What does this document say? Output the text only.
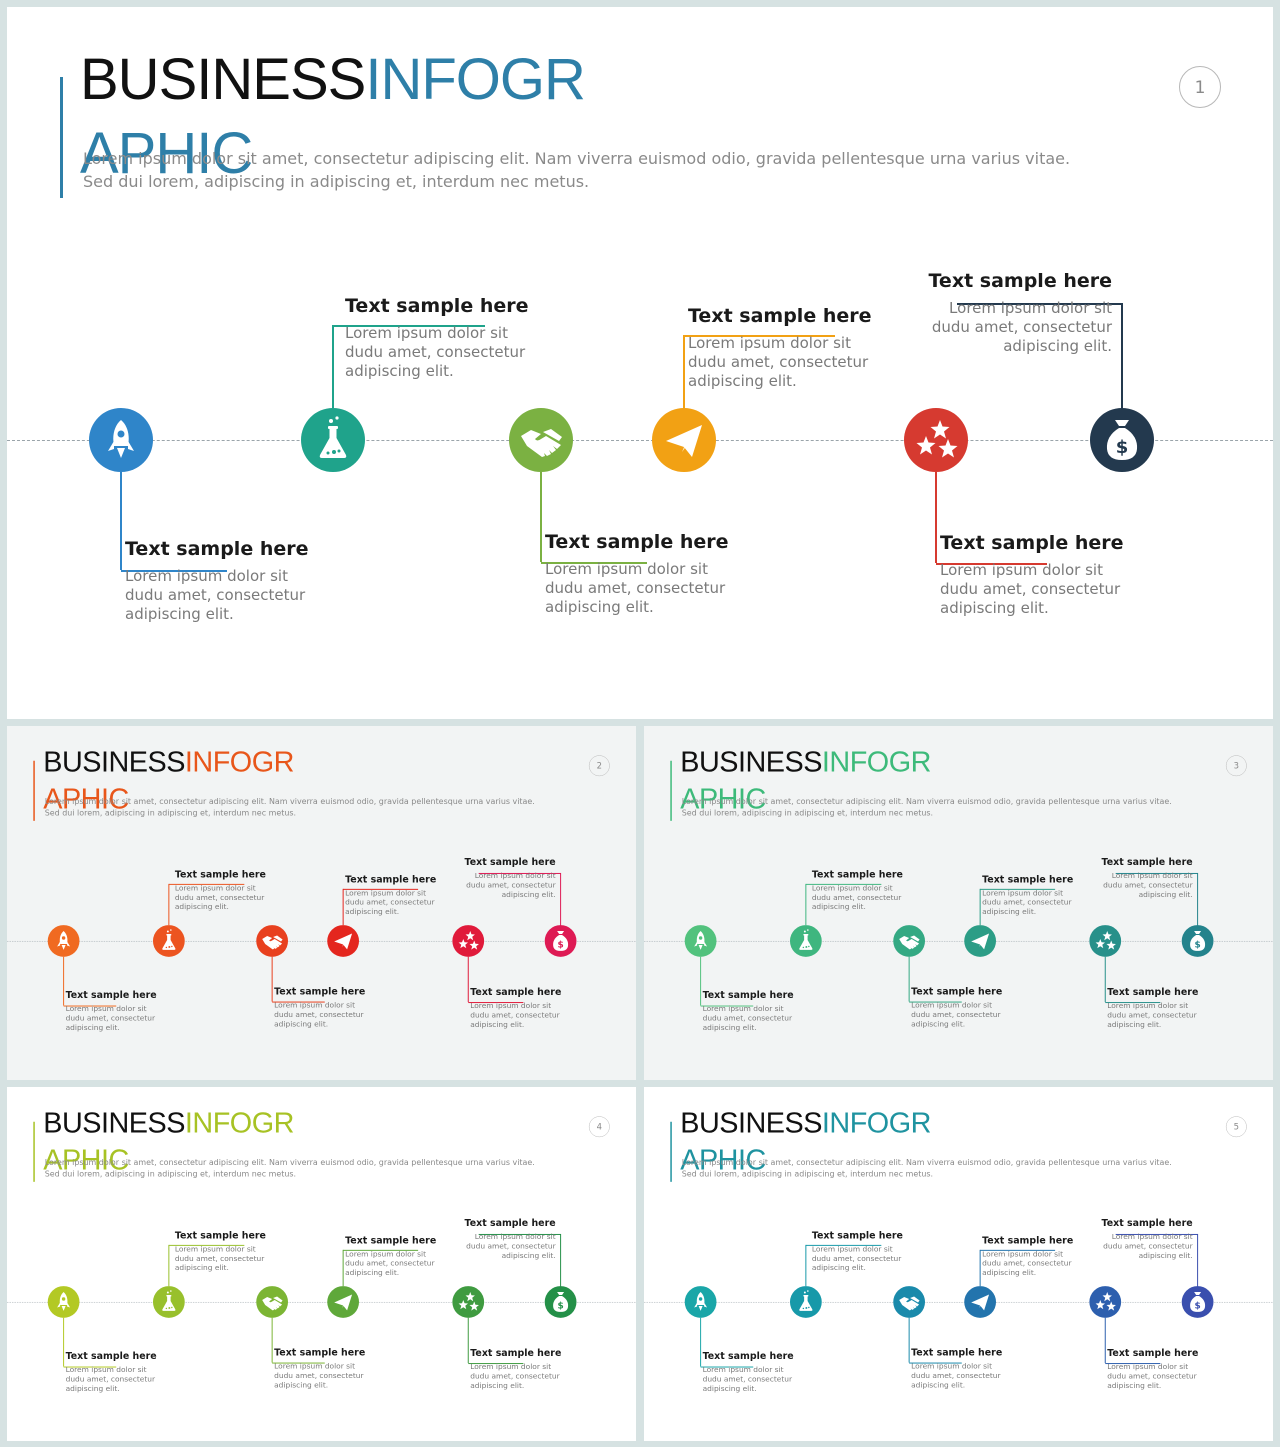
BUSINESSINFOGRAPHIC
Lorem ipsum dolor sit amet, consectetur adipiscing elit. Nam viverra euismod odio, gravida pellentesque urna varius vitae. Sed dui lorem, adipiscing in adipiscing et, interdum nec metus.
1
Text sample here
Lorem ipsum dolor sit dudu amet, consectetur adipiscing elit.
Text sample here
Lorem ipsum dolor sit dudu amet, consectetur adipiscing elit.
Text sample here
Lorem ipsum dolor sit dudu amet, consectetur adipiscing elit.
Text sample here
Lorem ipsum dolor sit dudu amet, consectetur adipiscing elit.
Text sample here
Lorem ipsum dolor sit dudu amet, consectetur adipiscing elit.
$
Text sample here
Lorem ipsum dolor sit dudu amet, consectetur adipiscing elit.
BUSINESSINFOGRAPHIC
Lorem ipsum dolor sit amet, consectetur adipiscing elit. Nam viverra euismod odio, gravida pellentesque urna varius vitae. Sed dui lorem, adipiscing in adipiscing et, interdum nec metus.
2
Text sample here
Lorem ipsum dolor sit dudu amet, consectetur adipiscing elit.
Text sample here
Lorem ipsum dolor sit dudu amet, consectetur adipiscing elit.
Text sample here
Lorem ipsum dolor sit dudu amet, consectetur adipiscing elit.
Text sample here
Lorem ipsum dolor sit dudu amet, consectetur adipiscing elit.
Text sample here
Lorem ipsum dolor sit dudu amet, consectetur adipiscing elit.
$
Text sample here
Lorem ipsum dolor sit dudu amet, consectetur adipiscing elit.
BUSINESSINFOGRAPHIC
Lorem ipsum dolor sit amet, consectetur adipiscing elit. Nam viverra euismod odio, gravida pellentesque urna varius vitae. Sed dui lorem, adipiscing in adipiscing et, interdum nec metus.
3
Text sample here
Lorem ipsum dolor sit dudu amet, consectetur adipiscing elit.
Text sample here
Lorem ipsum dolor sit dudu amet, consectetur adipiscing elit.
Text sample here
Lorem ipsum dolor sit dudu amet, consectetur adipiscing elit.
Text sample here
Lorem ipsum dolor sit dudu amet, consectetur adipiscing elit.
Text sample here
Lorem ipsum dolor sit dudu amet, consectetur adipiscing elit.
$
Text sample here
Lorem ipsum dolor sit dudu amet, consectetur adipiscing elit.
BUSINESSINFOGRAPHIC
Lorem ipsum dolor sit amet, consectetur adipiscing elit. Nam viverra euismod odio, gravida pellentesque urna varius vitae. Sed dui lorem, adipiscing in adipiscing et, interdum nec metus.
4
Text sample here
Lorem ipsum dolor sit dudu amet, consectetur adipiscing elit.
Text sample here
Lorem ipsum dolor sit dudu amet, consectetur adipiscing elit.
Text sample here
Lorem ipsum dolor sit dudu amet, consectetur adipiscing elit.
Text sample here
Lorem ipsum dolor sit dudu amet, consectetur adipiscing elit.
Text sample here
Lorem ipsum dolor sit dudu amet, consectetur adipiscing elit.
$
Text sample here
Lorem ipsum dolor sit dudu amet, consectetur adipiscing elit.
BUSINESSINFOGRAPHIC
Lorem ipsum dolor sit amet, consectetur adipiscing elit. Nam viverra euismod odio, gravida pellentesque urna varius vitae. Sed dui lorem, adipiscing in adipiscing et, interdum nec metus.
5
Text sample here
Lorem ipsum dolor sit dudu amet, consectetur adipiscing elit.
Text sample here
Lorem ipsum dolor sit dudu amet, consectetur adipiscing elit.
Text sample here
Lorem ipsum dolor sit dudu amet, consectetur adipiscing elit.
Text sample here
Lorem ipsum dolor sit dudu amet, consectetur adipiscing elit.
Text sample here
Lorem ipsum dolor sit dudu amet, consectetur adipiscing elit.
$
Text sample here
Lorem ipsum dolor sit dudu amet, consectetur adipiscing elit.
